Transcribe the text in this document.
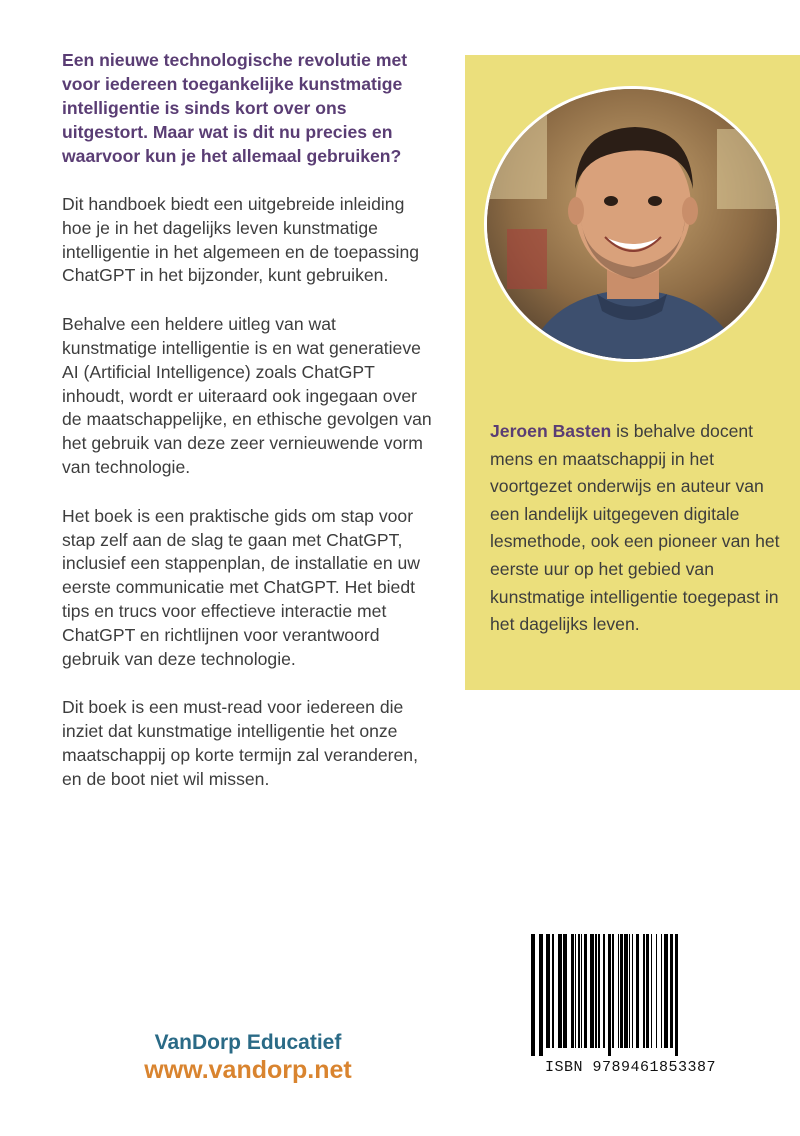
Een nieuwe technologische revolutie met voor iedereen toegankelijke kunstmatige intelligentie is sinds kort over ons uitgestort. Maar wat is dit nu precies en waarvoor kun je het allemaal gebruiken?

Dit handboek biedt een uitgebreide inleiding hoe je in het dagelijks leven kunstmatige intelligentie in het algemeen en de toepassing ChatGPT in het bijzonder, kunt gebruiken.

Behalve een heldere uitleg van wat kunstmatige intelligentie is en wat generatieve AI (Artificial Intelligence) zoals ChatGPT inhoudt, wordt er uiteraard ook ingegaan over de maatschappelijke, en ethische gevolgen van het gebruik van deze zeer vernieuwende vorm van technologie.

Het boek is een praktische gids om stap voor stap zelf aan de slag te gaan met ChatGPT, inclusief een stappenplan, de installatie en uw eerste communicatie met ChatGPT. Het biedt tips en trucs voor effectieve interactie met ChatGPT en richtlijnen voor verantwoord gebruik van deze technologie.

Dit boek is een must-read voor iedereen die inziet dat kunstmatige intelligentie het onze maatschappij op korte termijn zal veranderen, en de boot niet wil missen.

Jeroen Basten is behalve docent mens en maatschappij in het voortgezet onderwijs en auteur van een landelijk uitgegeven digitale lesmethode, ook een pioneer van het eerste uur op het gebied van kunstmatige intelligentie toegepast in het dagelijks leven.

VanDorp Educatief
www.vandorp.net	ISBN 9789461853387
